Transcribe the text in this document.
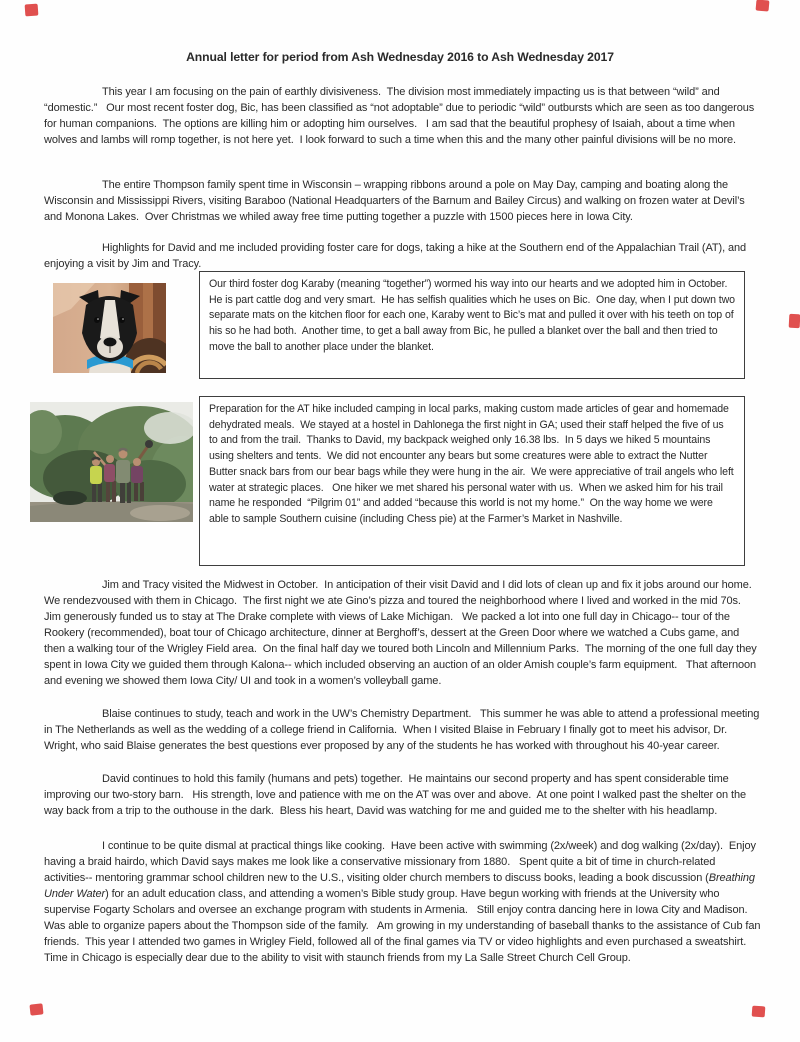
Annual letter for period from Ash Wednesday 2016 to Ash Wednesday 2017

This year I am focusing on the pain of earthly divisiveness.  The division most immediately impacting us is that between “wild” and “domestic.”   Our most recent foster dog, Bic, has been classified as “not adoptable” due to periodic “wild” outbursts which are seen as too dangerous for human companions.  The options are killing him or adopting him ourselves.   I am sad that the beautiful prophesy of Isaiah, about a time when wolves and lambs will romp together, is not here yet.  I look forward to such a time when this and the many other painful divisions will be no more.

The entire Thompson family spent time in Wisconsin – wrapping ribbons around a pole on May Day, camping and boating along the Wisconsin and Mississippi Rivers, visiting Baraboo (National Headquarters of the Barnum and Bailey Circus) and walking on frozen water at Devil’s and Monona Lakes.  Over Christmas we whiled away free time putting together a puzzle with 1500 pieces here in Iowa City.

Highlights for David and me included providing foster care for dogs, taking a hike at the Southern end of the Appalachian Trail (AT), and enjoying a visit by Jim and Tracy.

Our third foster dog Karaby (meaning “together”) wormed his way into our hearts and we adopted him in October.   He is part cattle dog and very smart.  He has selfish qualities which he uses on Bic.  One day, when I put down two separate mats on the kitchen floor for each one, Karaby went to Bic’s mat and pulled it over with his teeth on top of his so he had both.  Another time, to get a ball away from Bic, he pulled a blanket over the ball and then tried to move the ball to another place under the blanket.

Preparation for the AT hike included camping in local parks, making custom made articles of gear and homemade dehydrated meals.  We stayed at a hostel in Dahlonega the first night in GA; used their staff helped the five of us to and from the trail.  Thanks to David, my backpack weighed only 16.38 lbs.  In 5 days we hiked 5 mountains using shelters and tents.  We did not encounter any bears but some creatures were able to extract the Nutter Butter snack bars from our bear bags while they were hung in the air.  We were appreciative of trail angels who left water at strategic places.   One hiker we met shared his personal water with us.  When we asked him for his trail name he responded  “Pilgrim 01” and added “because this world is not my home.”  On the way home we were able to sample Southern cuisine (including Chess pie) at the Farmer’s Market in Nashville.

Jim and Tracy visited the Midwest in October.  In anticipation of their visit David and I did lots of clean up and fix it jobs around our home.  We rendezvoused with them in Chicago.  The first night we ate Gino’s pizza and toured the neighborhood where I lived and worked in the mid 70s.  Jim generously funded us to stay at The Drake complete with views of Lake Michigan.   We packed a lot into one full day in Chicago-- tour of the Rookery (recommended), boat tour of Chicago architecture, dinner at Berghoff’s, dessert at the Green Door where we watched a Cubs game, and then a walking tour of the Wrigley Field area.  On the final half day we toured both Lincoln and Millennium Parks.  The morning of the one full day they spent in Iowa City we guided them through Kalona-- which included observing an auction of an older Amish couple’s farm equipment.   That afternoon and evening we showed them Iowa City/ UI and took in a women’s volleyball game.

Blaise continues to study, teach and work in the UW’s Chemistry Department.   This summer he was able to attend a professional meeting in The Netherlands as well as the wedding of a college friend in California.  When I visited Blaise in February I finally got to meet his advisor, Dr. Wright, who said Blaise generates the best questions ever proposed by any of the students he has worked with throughout his 40-year career.

David continues to hold this family (humans and pets) together.  He maintains our second property and has spent considerable time improving our two-story barn.   His strength, love and patience with me on the AT was over and above.  At one point I walked past the shelter on the way back from a trip to the outhouse in the dark.  Bless his heart, David was watching for me and guided me to the shelter with his headlamp.

I continue to be quite dismal at practical things like cooking.  Have been active with swimming (2x/week) and dog walking (2x/day).  Enjoy having a braid hairdo, which David says makes me look like a conservative missionary from 1880.   Spent quite a bit of time in church-related activities-- mentoring grammar school children new to the U.S., visiting older church members to discuss books, leading a book discussion (Breathing Under Water) for an adult education class, and attending a women’s Bible study group. Have begun working with friends at the University who supervise Fogarty Scholars and oversee an exchange program with students in Armenia.   Still enjoy contra dancing here in Iowa City and Madison.   Was able to organize papers about the Thompson side of the family.   Am growing in my understanding of baseball thanks to the assistance of Cub fan friends.  This year I attended two games in Wrigley Field, followed all of the final games via TV or video highlights and even purchased a sweatshirt.  Time in Chicago is especially dear due to the ability to visit with staunch friends from my La Salle Street Church Cell Group.
